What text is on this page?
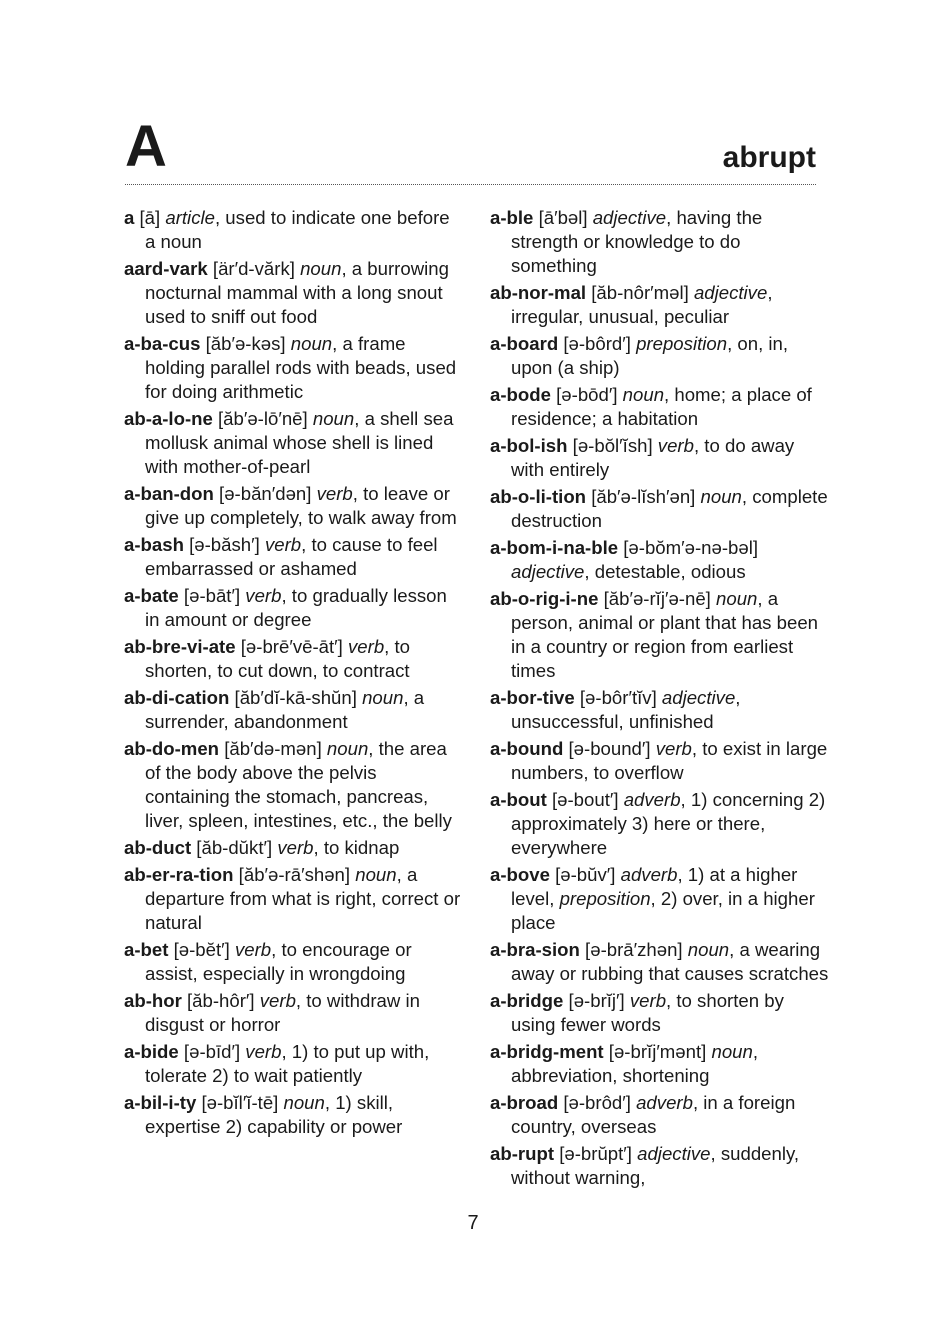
A	abrupt

a [ā] article, used to indicate one before a noun

aard-vark [är′d-vărk] noun, a burrowing nocturnal mammal with a long snout used to sniff out food

a-ba-cus [ăb′ə-kəs] noun, a frame holding parallel rods with beads, used for doing arithmetic

ab-a-lo-ne [ăb′ə-lō′nē] noun, a shell sea mollusk animal whose shell is lined with mother-of-pearl

a-ban-don [ə-băn′dən] verb, to leave or give up completely, to walk away from

a-bash [ə-băsh′] verb, to cause to feel embarrassed or ashamed

a-bate [ə-bāt′] verb, to gradually lesson in amount or degree

ab-bre-vi-ate [ə-brē′vē-āt′] verb, to shorten, to cut down, to contract

ab-di-cation [ăb′dĭ-kā-shŭn] noun, a surrender, abandonment

ab-do-men [ăb′də-mən] noun, the area of the body above the pelvis containing the stomach, pancreas, liver, spleen, intestines, etc., the belly

ab-duct [ăb-dŭkt′] verb, to kidnap

ab-er-ra-tion [ăb′ə-rā′shən] noun, a departure from what is right, correct or natural

a-bet [ə-bĕt′] verb, to encourage or assist, especially in wrongdoing

ab-hor [ăb-hôr′] verb, to withdraw in disgust or horror

a-bide [ə-bīd′] verb, 1) to put up with, tolerate 2) to wait patiently

a-bil-i-ty [ə-bĭl′ĭ-tē] noun, 1) skill, expertise 2) capability or power

a-ble [ā′bəl] adjective, having the strength or knowledge to do something

ab-nor-mal [ăb-nôr′məl] adjective, irregular, unusual, peculiar

a-board [ə-bôrd′] preposition, on, in, upon (a ship)

a-bode [ə-bōd′] noun, home; a place of residence; a habitation

a-bol-ish [ə-bŏl′ĭsh] verb, to do away with entirely

ab-o-li-tion [ăb′ə-lĭsh′ən] noun, complete destruction

a-bom-i-na-ble [ə-bŏm′ə-nə-bəl] adjective, detestable, odious

ab-o-rig-i-ne [ăb′ə-rĭj′ə-nē] noun, a person, animal or plant that has been in a country or region from earliest times

a-bor-tive [ə-bôr′tĭv] adjective, unsuccessful, unfinished

a-bound [ə-bound′] verb, to exist in large numbers, to overflow

a-bout [ə-bout′] adverb, 1) concerning 2) approximately 3) here or there, everywhere

a-bove [ə-bŭv′] adverb, 1) at a higher level, preposition, 2) over, in a higher place

a-bra-sion [ə-brā′zhən] noun, a wearing away or rubbing that causes scratches

a-bridge [ə-brĭj′] verb, to shorten by using fewer words

a-bridg-ment [ə-brĭj′mənt] noun, abbreviation, shortening

a-broad [ə-brôd′] adverb, in a foreign country, overseas

ab-rupt [ə-brŭpt′] adjective, suddenly, without warning,

7
